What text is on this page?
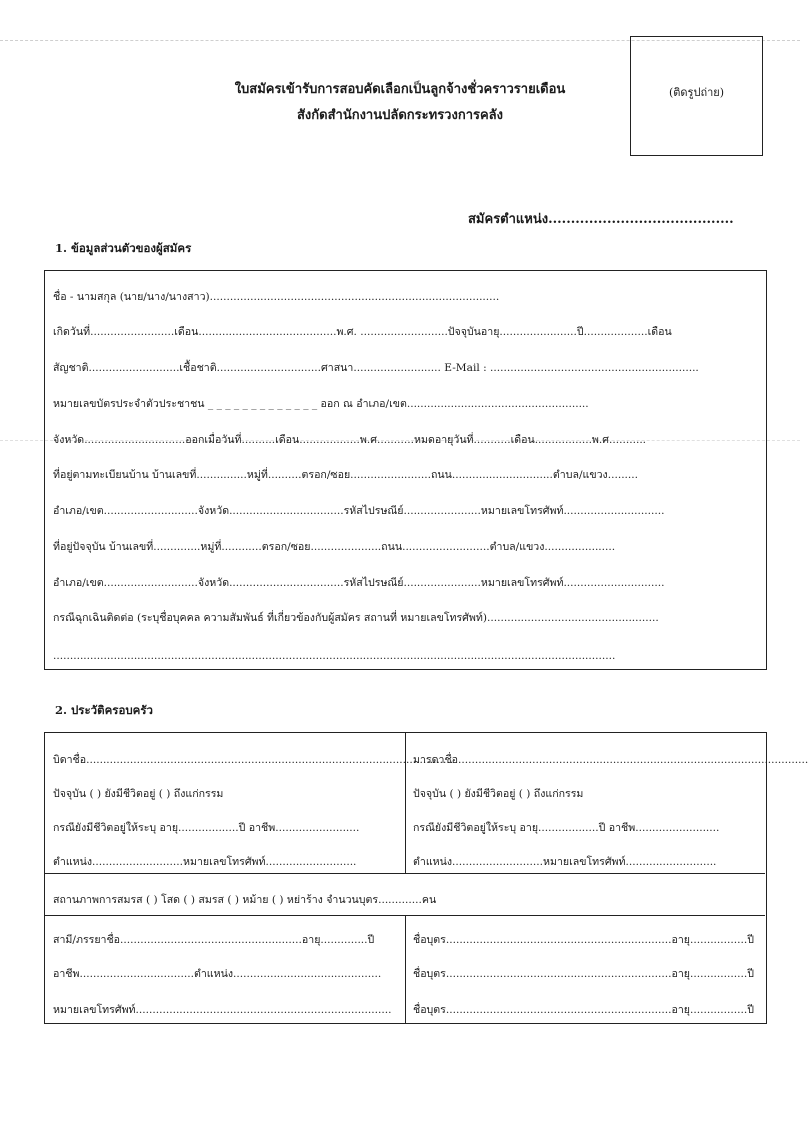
ใบสมัครเข้ารับการสอบคัดเลือกเป็นลูกจ้างชั่วคราวรายเดือน
สังกัดสำนักงานปลัดกระทรวงการคลัง
(ติดรูปถ่าย)
สมัครตำแหน่ง.........................................
1. ข้อมูลส่วนตัวของผู้สมัคร
ชื่อ - นามสกุล (นาย/นาง/นางสาว)......................................................................................
เกิดวันที่.........................เดือน.........................................พ.ศ. ..........................ปัจจุบันอายุ.......................ปี...................เดือน
สัญชาติ...........................เชื้อชาติ...............................ศาสนา.......................... E-Mail : ..............................................................
หมายเลขบัตรประจำตัวประชาชน _ _ _ _ _ _ _ _ _ _ _ _ _ ออก ณ อำเภอ/เขต......................................................
จังหวัด..............................ออกเมื่อวันที่..........เดือน..................พ.ศ...........หมดอายุวันที่...........เดือน.................พ.ศ...........
ที่อยู่ตามทะเบียนบ้าน บ้านเลขที่...............หมู่ที่..........ตรอก/ซอย........................ถนน..............................ตำบล/แขวง.........
อำเภอ/เขต............................จังหวัด..................................รหัสไปรษณีย์.......................หมายเลขโทรศัพท์..............................
ที่อยู่ปัจจุบัน บ้านเลขที่..............หมู่ที่............ตรอก/ซอย.....................ถนน..........................ตำบล/แขวง.....................
อำเภอ/เขต............................จังหวัด..................................รหัสไปรษณีย์.......................หมายเลขโทรศัพท์..............................
กรณีฉุกเฉินติดต่อ (ระบุชื่อบุคคล ความสัมพันธ์ ที่เกี่ยวข้องกับผู้สมัคร สถานที่ หมายเลขโทรศัพท์)...................................................
.......................................................................................................................................................................
2. ประวัติครอบครัว
บิดาชื่อ.............................................................................................................
ปัจจุบัน ( ) ยังมีชีวิตอยู่ ( ) ถึงแก่กรรม
กรณียังมีชีวิตอยู่ให้ระบุ อายุ..................ปี อาชีพ.........................
ตำแหน่ง...........................หมายเลขโทรศัพท์...........................
มารดาชื่อ........................................................................................................
ปัจจุบัน ( ) ยังมีชีวิตอยู่ ( ) ถึงแก่กรรม
กรณียังมีชีวิตอยู่ให้ระบุ อายุ..................ปี อาชีพ.........................
ตำแหน่ง...........................หมายเลขโทรศัพท์...........................
สถานภาพการสมรส ( ) โสด ( ) สมรส ( ) หม้าย ( ) หย่าร้าง จำนวนบุตร.............คน
สามี/ภรรยาชื่อ......................................................อายุ..............ปี
อาชีพ..................................ตำแหน่ง............................................
หมายเลขโทรศัพท์............................................................................
ชื่อบุตร...................................................................อายุ.................ปี
ชื่อบุตร...................................................................อายุ.................ปี
ชื่อบุตร...................................................................อายุ.................ปี
